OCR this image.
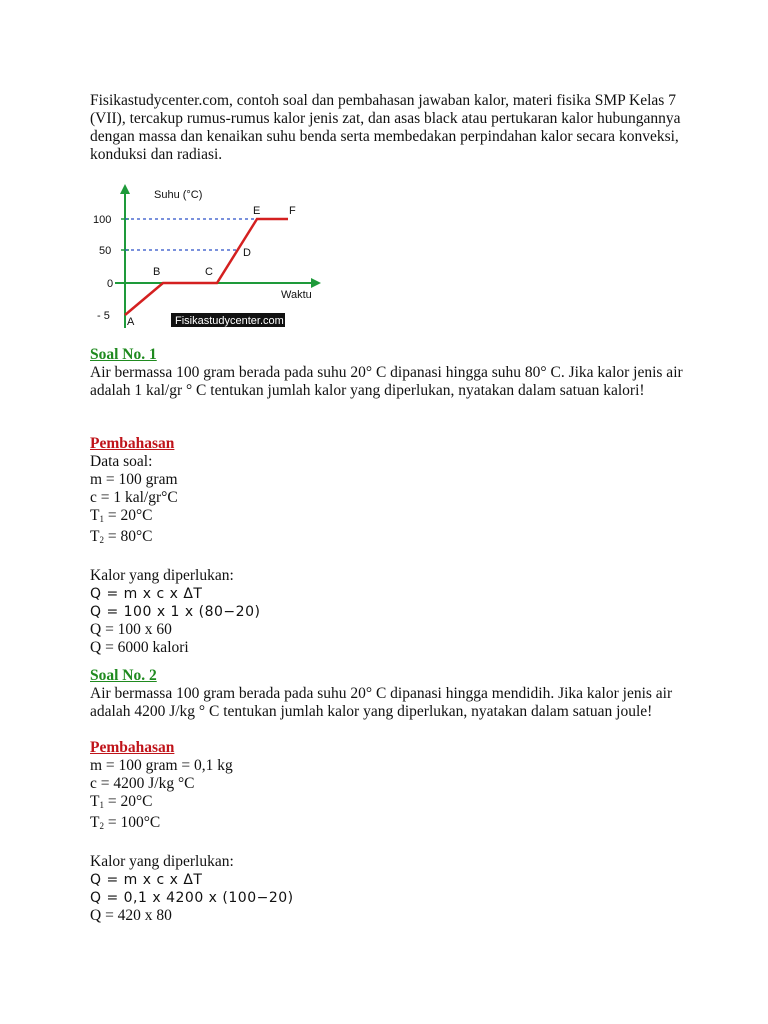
Fisikastudycenter.com, contoh soal dan pembahasan jawaban kalor, materi fisika SMP Kelas 7 (VII), tercakup rumus-rumus kalor jenis zat, dan asas black atau pertukaran kalor hubungannya dengan massa dan kenaikan suhu benda serta membedakan perpindahan kalor secara konveksi, konduksi dan radiasi.

100
50
0
- 5
Suhu (°C)
Waktu
A
B	C
D
E	F
Fisikastudycenter.com

Soal No. 1

Air bermassa 100 gram berada pada suhu 20° C dipanasi hingga suhu 80° C. Jika kalor jenis air adalah 1 kal/gr ° C tentukan jumlah kalor yang diperlukan, nyatakan dalam satuan kalori!

Pembahasan
Data soal:
m = 100 gram
c = 1 kal/gr°C
$T_1 = 20^\circ C$
$T_2 = 80^\circ C$
Kalor yang diperlukan:
Q = m x c x ΔT
Q = 100 x 1 x (80−20)
Q = 100 x 60
Q = 6000 kalori

Soal No. 2

Air bermassa 100 gram berada pada suhu 20° C dipanasi hingga mendidih. Jika kalor jenis air adalah 4200 J/kg ° C tentukan jumlah kalor yang diperlukan, nyatakan dalam satuan joule!

Pembahasan
m = 100 gram = 0,1 kg
c = 4200 J/kg °C
$T_1 = 20^\circ C$
$T_2 = 100^\circ C$
Kalor yang diperlukan:
Q = m x c x ΔT
Q = 0,1 x 4200 x (100−20)
Q = 420 x 80
